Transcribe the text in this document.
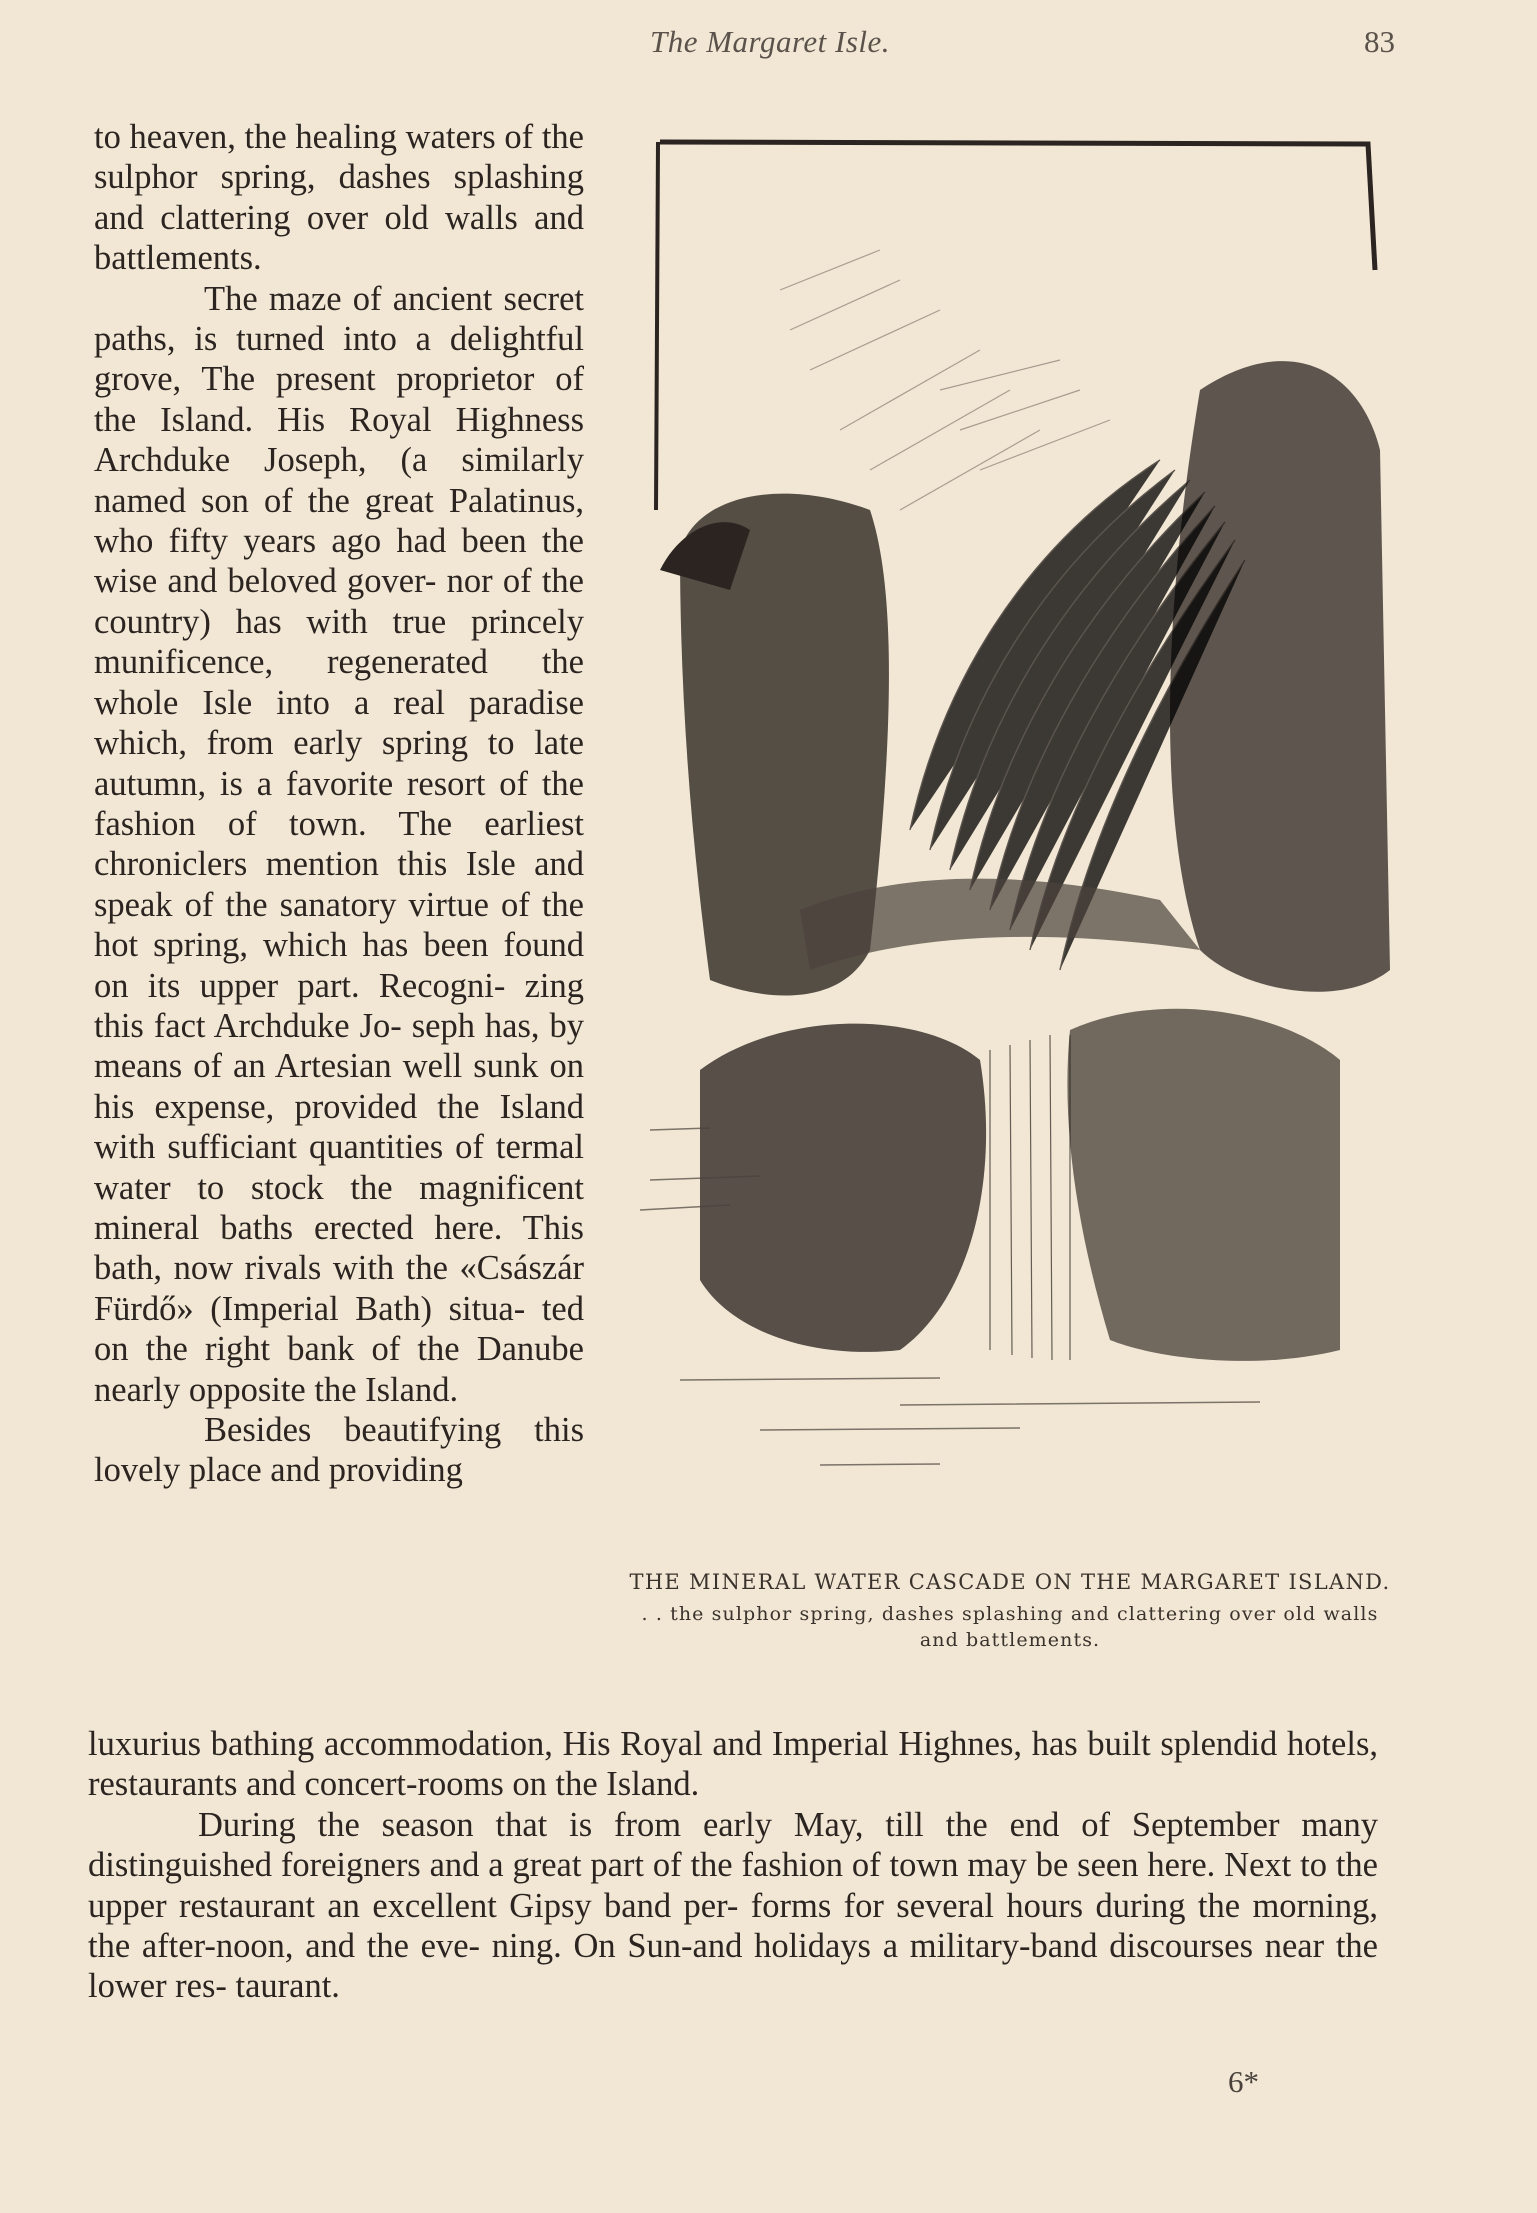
The Margaret Isle.	83

to heaven, the healing waters of the sulphor spring, dashes splashing and clattering over old walls and battlements.

The maze of ancient secret paths, is turned into a delightful grove, The present proprietor of the Island. His Royal Highness Archduke Joseph, (a similarly named son of the great Palatinus, who fifty years ago had been the wise and beloved gover- nor of the country) has with true princely munificence, regenerated the whole Isle into a real paradise which, from early spring to late autumn, is a favorite resort of the fashion of town. The earliest chroniclers mention this Isle and speak of the sanatory virtue of the hot spring, which has been found on its upper part. Recogni- zing this fact Archduke Jo- seph has, by means of an Artesian well sunk on his expense, provided the Island with sufficiant quantities of termal water to stock the magnificent mineral baths erected here. This bath, now rivals with the «Császár Fürdő» (Imperial Bath) situa- ted on the right bank of the Danube nearly opposite the Island.

Besides beautifying this lovely place and providing

THE MINERAL WATER CASCADE ON THE MARGARET ISLAND.
. . the sulphor spring, dashes splashing and clattering over old walls and battlements.

luxurius bathing accommodation, His Royal and Imperial Highnes, has built splendid hotels, restaurants and concert-rooms on the Island.

During the season that is from early May, till the end of September many distinguished foreigners and a great part of the fashion of town may be seen here. Next to the upper restaurant an excellent Gipsy band per- forms for several hours during the morning, the after-noon, and the eve- ning. On Sun-and holidays a military-band discourses near the lower res- taurant.

6*
